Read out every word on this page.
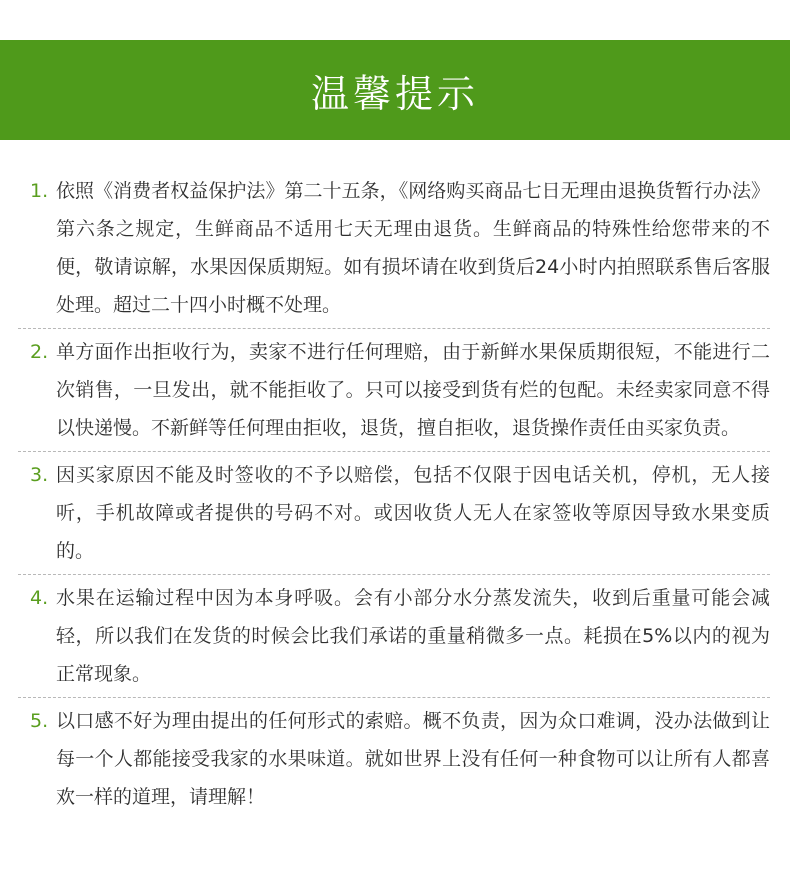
温馨提示
1. 依照《消费者权益保护法》第二十五条，《网络购买商品七日无理由退换货暂行办法》第六条之规定，生鲜商品不适用七天无理由退货。生鲜商品的特殊性给您带来的不便，敬请谅解，水果因保质期短。如有损坏请在收到货后24小时内拍照联系售后客服处理。超过二十四小时概不处理。
2. 单方面作出拒收行为，卖家不进行任何理赔，由于新鲜水果保质期很短，不能进行二次销售，一旦发出，就不能拒收了。只可以接受到货有烂的包配。未经卖家同意不得以快递慢。不新鲜等任何理由拒收，退货，擅自拒收，退货操作责任由买家负责。
3. 因买家原因不能及时签收的不予以赔偿，包括不仅限于因电话关机，停机，无人接听，手机故障或者提供的号码不对。或因收货人无人在家签收等原因导致水果变质的。
4. 水果在运输过程中因为本身呼吸。会有小部分水分蒸发流失，收到后重量可能会减轻，所以我们在发货的时候会比我们承诺的重量稍微多一点。耗损在5%以内的视为正常现象。
5. 以口感不好为理由提出的任何形式的索赔。概不负责，因为众口难调，没办法做到让每一个人都能接受我家的水果味道。就如世界上没有任何一种食物可以让所有人都喜欢一样的道理，请理解！
